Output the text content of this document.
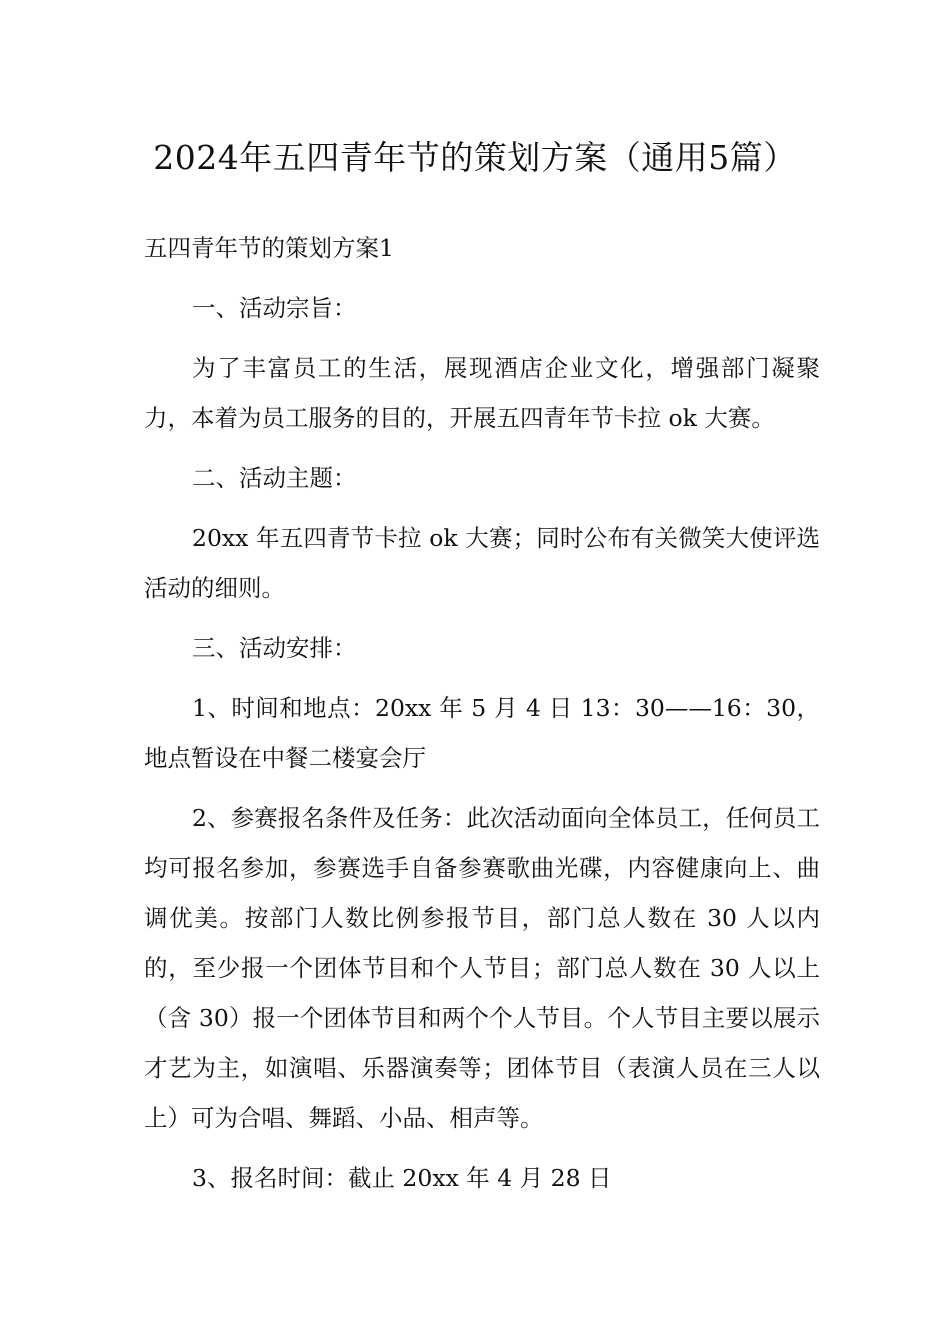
2024年五四青年节的策划方案（通用5篇）

五四青年节的策划方案1

一、活动宗旨：

为了丰富员工的生活，展现酒店企业文化，增强部门凝聚力，本着为员工服务的目的，开展五四青年节卡拉 ok 大赛。

二、活动主题：

20xx 年五四青节卡拉 ok 大赛；同时公布有关微笑大使评选活动的细则。

三、活动安排：

1、时间和地点：20xx 年 5 月 4 日 13：30——16：30，地点暂设在中餐二楼宴会厅

2、参赛报名条件及任务：此次活动面向全体员工，任何员工均可报名参加，参赛选手自备参赛歌曲光碟，内容健康向上、曲调优美。按部门人数比例参报节目，部门总人数在 30 人以内的，至少报一个团体节目和个人节目；部门总人数在 30 人以上（含 30）报一个团体节目和两个个人节目。个人节目主要以展示才艺为主，如演唱、乐器演奏等；团体节目（表演人员在三人以上）可为合唱、舞蹈、小品、相声等。

3、报名时间：截止 20xx 年 4 月 28 日
